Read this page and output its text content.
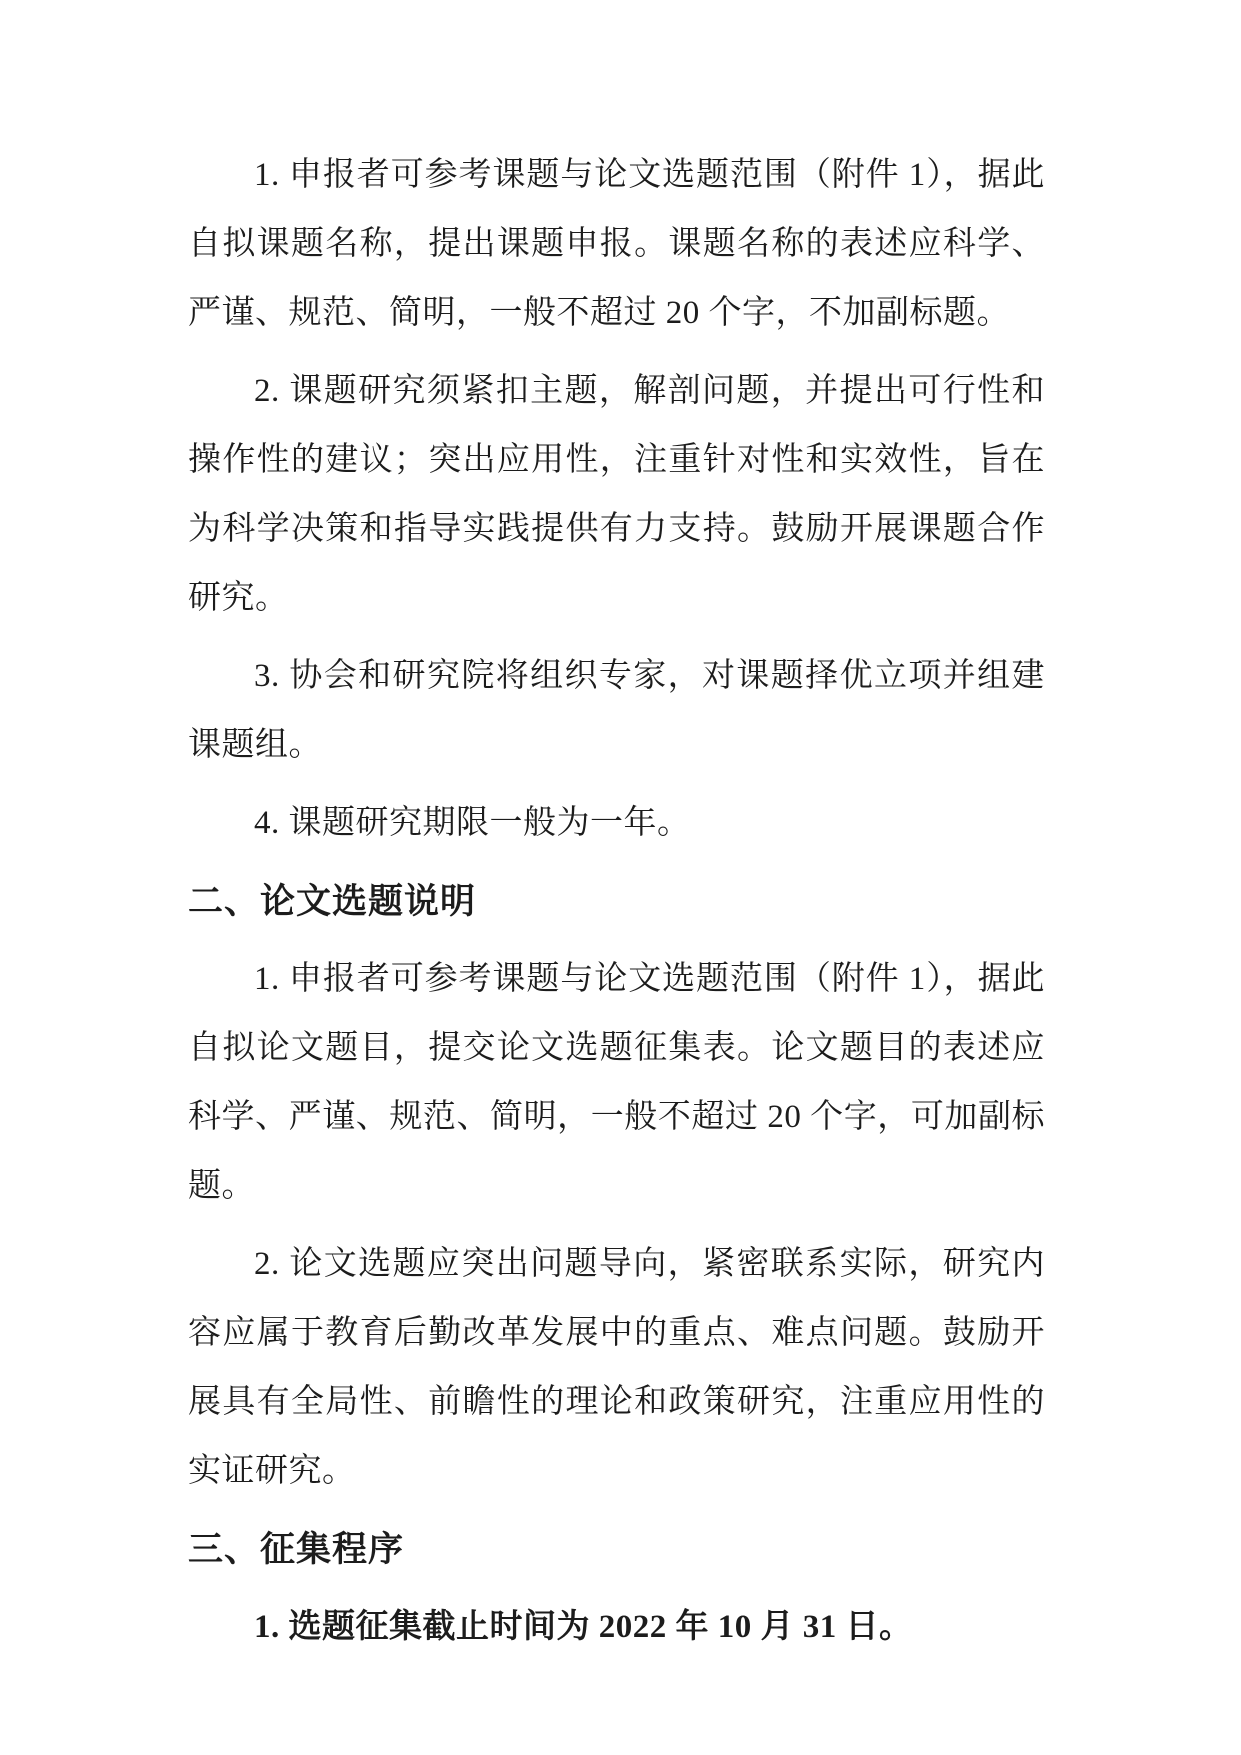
1. 申报者可参考课题与论文选题范围（附件 1），据此自拟课题名称，提出课题申报。课题名称的表述应科学、严谨、规范、简明，一般不超过 20 个字，不加副标题。

2. 课题研究须紧扣主题，解剖问题，并提出可行性和操作性的建议；突出应用性，注重针对性和实效性，旨在为科学决策和指导实践提供有力支持。鼓励开展课题合作研究。

3. 协会和研究院将组织专家，对课题择优立项并组建课题组。

4. 课题研究期限一般为一年。

二、论文选题说明

1. 申报者可参考课题与论文选题范围（附件 1），据此自拟论文题目，提交论文选题征集表。论文题目的表述应科学、严谨、规范、简明，一般不超过 20 个字，可加副标题。

2. 论文选题应突出问题导向，紧密联系实际，研究内容应属于教育后勤改革发展中的重点、难点问题。鼓励开展具有全局性、前瞻性的理论和政策研究，注重应用性的实证研究。

三、征集程序

1. 选题征集截止时间为 2022 年 10 月 31 日。
